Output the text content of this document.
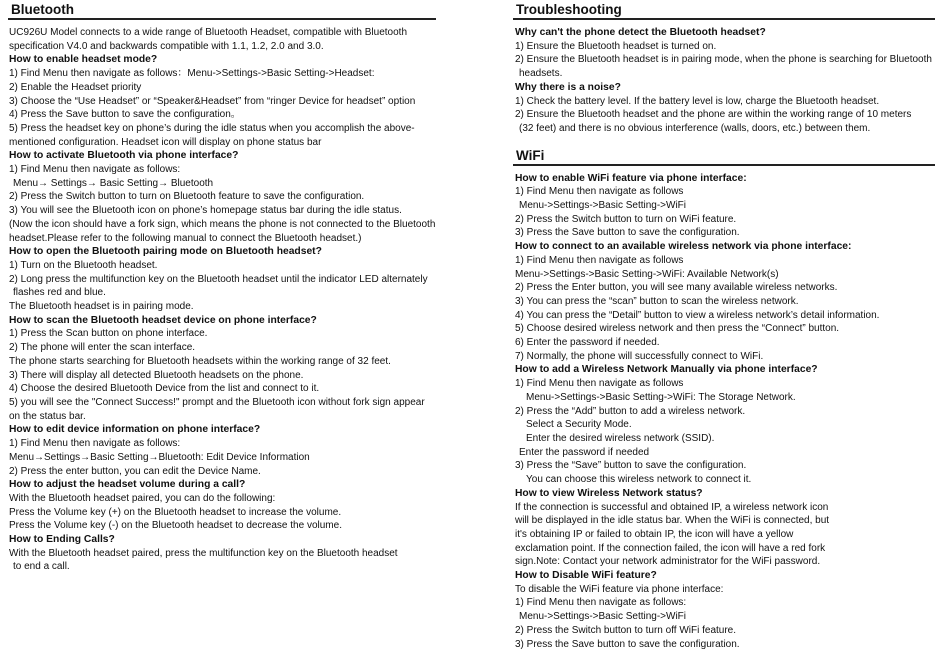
Bluetooth
UC926U Model connects to a wide range of Bluetooth Headset, compatible with Bluetooth
specification V4.0 and backwards compatible with 1.1, 1.2, 2.0 and 3.0.
How to enable headset mode?
1) Find Menu then navigate as follows：Menu->Settings->Basic Setting->Headset:
2) Enable the Headset priority
3) Choose the “Use Headset” or “Speaker&Headset” from “ringer Device for headset” option
4) Press the Save button to save the configuration。
5) Press the headset key on phone’s during the idle status when you accomplish the above-
mentioned configuration. Headset icon will display on phone status bar
How to activate Bluetooth via phone interface?
1) Find Menu then navigate as follows:
Menu→ Settings→ Basic Setting→ Bluetooth
2) Press the Switch button to turn on Bluetooth feature to save the configuration.
3) You will see the Bluetooth icon on phone’s homepage status bar during the idle status.
(Now the icon should have a fork sign, which means the phone is not connected to the Bluetooth
headset.Please refer to the following manual to connect the Bluetooth headset.)
How to open the Bluetooth pairing mode on Bluetooth headset?
1) Turn on the Bluetooth headset.
2) Long press the multifunction key on the Bluetooth headset until the indicator LED alternately
flashes red and blue.
The Bluetooth headset is in pairing mode.
How to scan the Bluetooth headset device on phone interface?
1) Press the Scan button on phone interface.
2) The phone will enter the scan interface.
The phone starts searching for Bluetooth headsets within the working range of 32 feet.
3) There will display all detected Bluetooth headsets on the phone.
4) Choose the desired Bluetooth Device from the list and connect to it.
5) you will see the "Connect Success!" prompt and the Bluetooth icon without fork sign appear
on the status bar.
How to edit device information on phone interface?
1) Find Menu then navigate as follows:
Menu→Settings→Basic Setting→Bluetooth: Edit Device Information
2) Press the enter button, you can edit the Device Name.
How to adjust the headset volume during a call?
With the Bluetooth headset paired, you can do the following:
Press the Volume key (+) on the Bluetooth headset to increase the volume.
Press the Volume key (-) on the Bluetooth headset to decrease the volume.
How to Ending Calls?
With the Bluetooth headset paired, press the multifunction key on the Bluetooth headset
to end a call.
Troubleshooting
Why can't the phone detect the Bluetooth headset?
1) Ensure the Bluetooth headset is turned on.
2) Ensure the Bluetooth headset is in pairing mode, when the phone is searching for Bluetooth
headsets.
Why there is a noise?
1) Check the battery level. If the battery level is low, charge the Bluetooth headset.
2) Ensure the Bluetooth headset and the phone are within the working range of 10 meters
(32 feet) and there is no obvious interference (walls, doors, etc.) between them.
WiFi
How to enable WiFi feature via phone interface:
1) Find Menu then navigate as follows
Menu->Settings->Basic Setting->WiFi
2) Press the Switch button to turn on WiFi feature.
3) Press the Save button to save the configuration.
How to connect to an available wireless network via phone interface:
1) Find Menu then navigate as follows
Menu->Settings->Basic Setting->WiFi: Available Network(s)
2) Press the Enter button, you will see many available wireless networks.
3) You can press the “scan” button to scan the wireless network.
4) You can press the “Detail” button to view a wireless network’s detail information.
5) Choose desired wireless network and then press the “Connect” button.
6) Enter the password if needed.
7) Normally, the phone will successfully connect to WiFi.
How to add a Wireless Network Manually via phone interface?
1) Find Menu then navigate as follows
Menu->Settings->Basic Setting->WiFi: The Storage Network.
2) Press the “Add” button to add a wireless network.
Select a Security Mode.
Enter the desired wireless network (SSID).
Enter the password if needed
3) Press the “Save” button to save the configuration.
You can choose this wireless network to connect it.
How to view Wireless Network status?
If the connection is successful and obtained IP, a wireless network icon
will be displayed in the idle status bar. When the WiFi is connected, but
it's obtaining IP or failed to obtain IP, the icon will have a yellow
exclamation point. If the connection failed, the icon will have a red fork
sign.Note: Contact your network administrator for the WiFi password.
How to Disable WiFi feature?
To disable the WiFi feature via phone interface:
1) Find Menu then navigate as follows:
Menu->Settings->Basic Setting->WiFi
2) Press the Switch button to turn off WiFi feature.
3) Press the Save button to save the configuration.
